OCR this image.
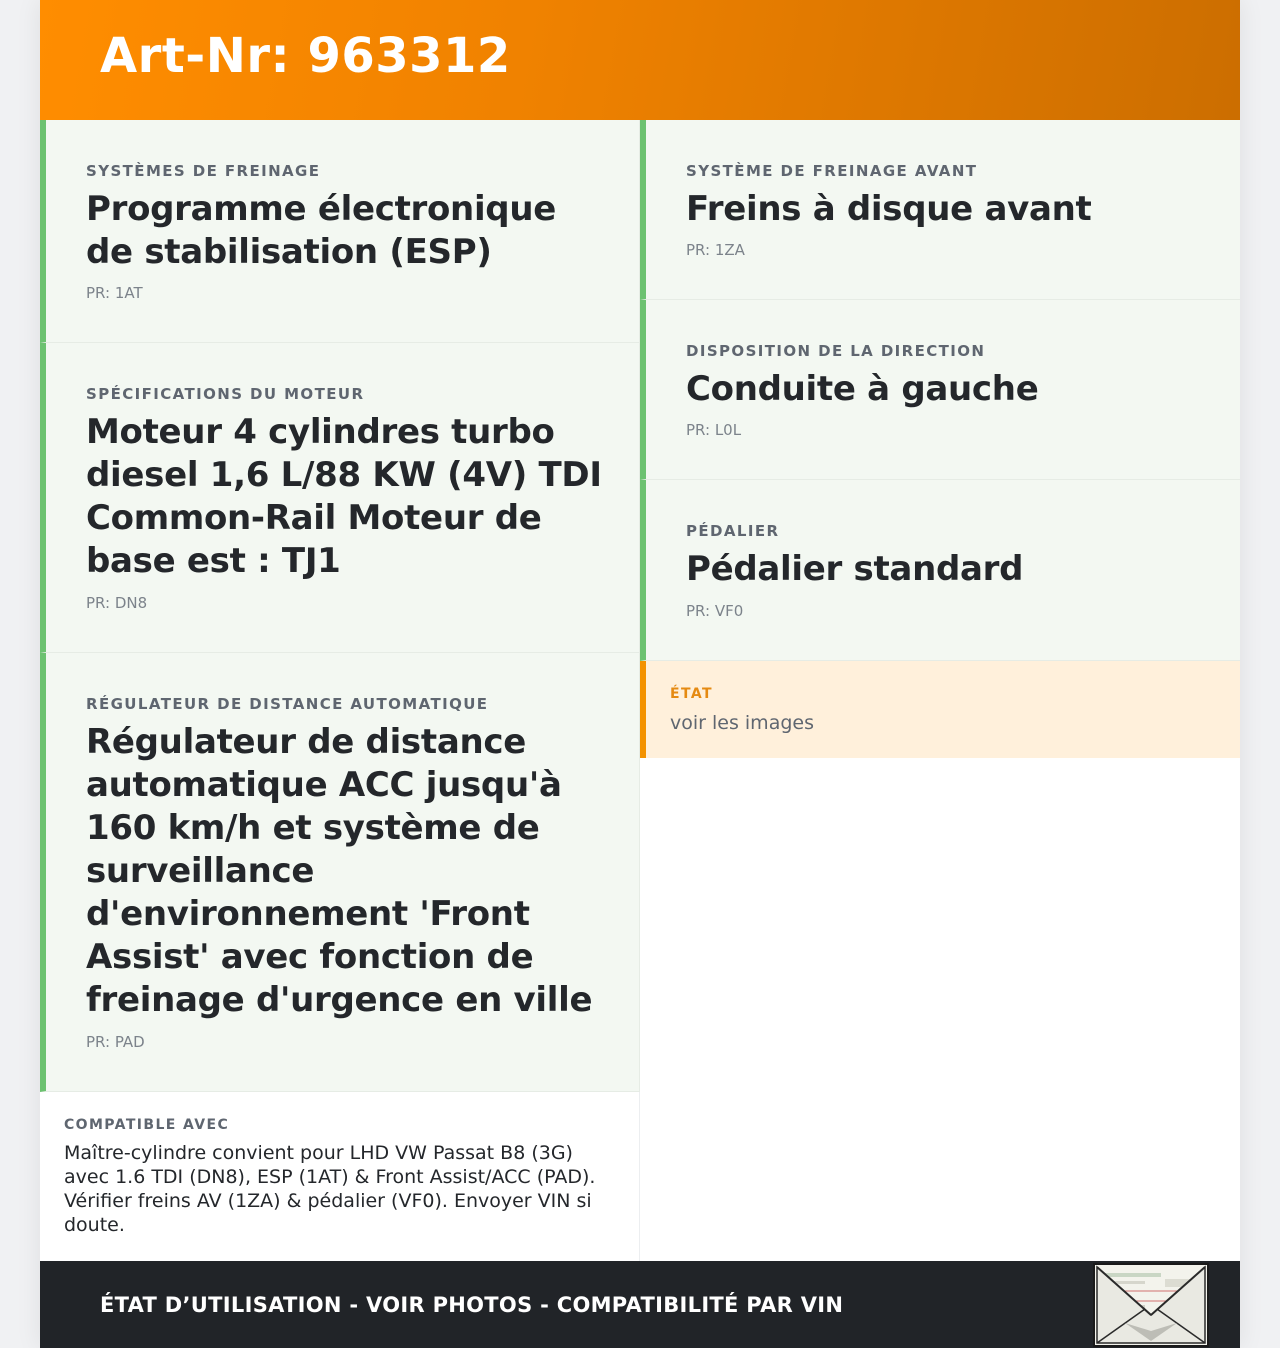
Art-Nr: 963312
SYSTÈMES DE FREINAGE
Programme électronique de stabilisation (ESP)
PR: 1AT
SPÉCIFICATIONS DU MOTEUR
Moteur 4 cylindres turbo diesel 1,6 L/88 KW (4V) TDI Common-Rail Moteur de base est : TJ1
PR: DN8
RÉGULATEUR DE DISTANCE AUTOMATIQUE
Régulateur de distance automatique ACC jusqu'à 160 km/h et système de surveillance d'environnement 'Front Assist' avec fonction de freinage d'urgence en ville
PR: PAD
SYSTÈME DE FREINAGE AVANT
Freins à disque avant
PR: 1ZA
DISPOSITION DE LA DIRECTION
Conduite à gauche
PR: L0L
PÉDALIER
Pédalier standard
PR: VF0
ÉTAT
voir les images
COMPATIBLE AVEC
Maître-cylindre convient pour LHD VW Passat B8 (3G) avec 1.6 TDI (DN8), ESP (1AT) & Front Assist/ACC (PAD). Vérifier freins AV (1ZA) & pédalier (VF0). Envoyer VIN si doute.
ÉTAT D’UTILISATION - VOIR PHOTOS - COMPATIBILITÉ PAR VIN
